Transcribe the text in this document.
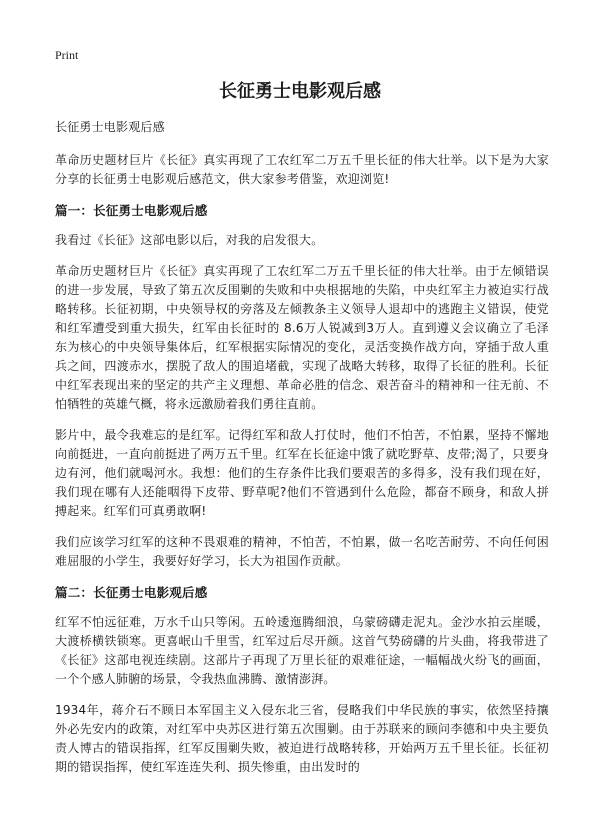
Print
长征勇士电影观后感

长征勇士电影观后感

革命历史题材巨片《长征》真实再现了工农红军二万五千里长征的伟大壮举。以下是为大家分享的长征勇士电影观后感范文，供大家参考借鉴，欢迎浏览!

篇一：长征勇士电影观后感

我看过《长征》这部电影以后，对我的启发很大。

革命历史题材巨片《长征》真实再现了工农红军二万五千里长征的伟大壮举。由于左倾错误的进一步发展，导致了第五次反围剿的失败和中央根据地的失陷，中央红军主力被迫实行战略转移。长征初期，中央领导权的旁落及左倾教条主义领导人退却中的逃跑主义错误，使党和红军遭受到重大损失，红军由长征时的 8.6万人锐减到3万人。直到遵义会议确立了毛泽东为核心的中央领导集体后，红军根据实际情况的变化，灵活变换作战方向，穿插于敌人重兵之间，四渡赤水，摆脱了敌人的围追堵截，实现了战略大转移，取得了长征的胜利。长征中红军表现出来的坚定的共产主义理想、革命必胜的信念、艰苦奋斗的精神和一往无前、不怕牺牲的英雄气概，将永远激励着我们勇往直前。

影片中，最令我难忘的是红军。记得红军和敌人打仗时，他们不怕苦，不怕累，坚持不懈地向前挺进，一直向前挺进了两万五千里。红军在长征途中饿了就吃野草、皮带;渴了，只要身边有河，他们就喝河水。我想：他们的生存条件比我们要艰苦的多得多，没有我们现在好，我们现在哪有人还能咽得下皮带、野草呢?他们不管遇到什么危险，都奋不顾身，和敌人拼搏起来。红军们可真勇敢啊!

我们应该学习红军的这种不畏艰难的精神，不怕苦，不怕累，做一名吃苦耐劳、不向任何困难屈服的小学生，我要好好学习，长大为祖国作贡献。

篇二：长征勇士电影观后感

红军不怕远征难，万水千山只等闲。五岭逶迤腾细浪，乌蒙磅礴走泥丸。金沙水拍云崖暖，大渡桥横铁锁寒。更喜岷山千里雪，红军过后尽开颜。这首气势磅礴的片头曲，将我带进了《长征》这部电视连续剧。这部片子再现了万里长征的艰难征途，一幅幅战火纷飞的画面，一个个感人肺腑的场景，令我热血沸腾、激情澎湃。

1934年，蒋介石不顾日本军国主义入侵东北三省，侵略我们中华民族的事实，依然坚持攘外必先安内的政策，对红军中央苏区进行第五次围剿。由于苏联来的顾问李德和中央主要负责人博古的错误指挥，红军反围剿失败，被迫进行战略转移，开始两万五千里长征。长征初期的错误指挥，使红军连连失利、损失惨重，由出发时的
